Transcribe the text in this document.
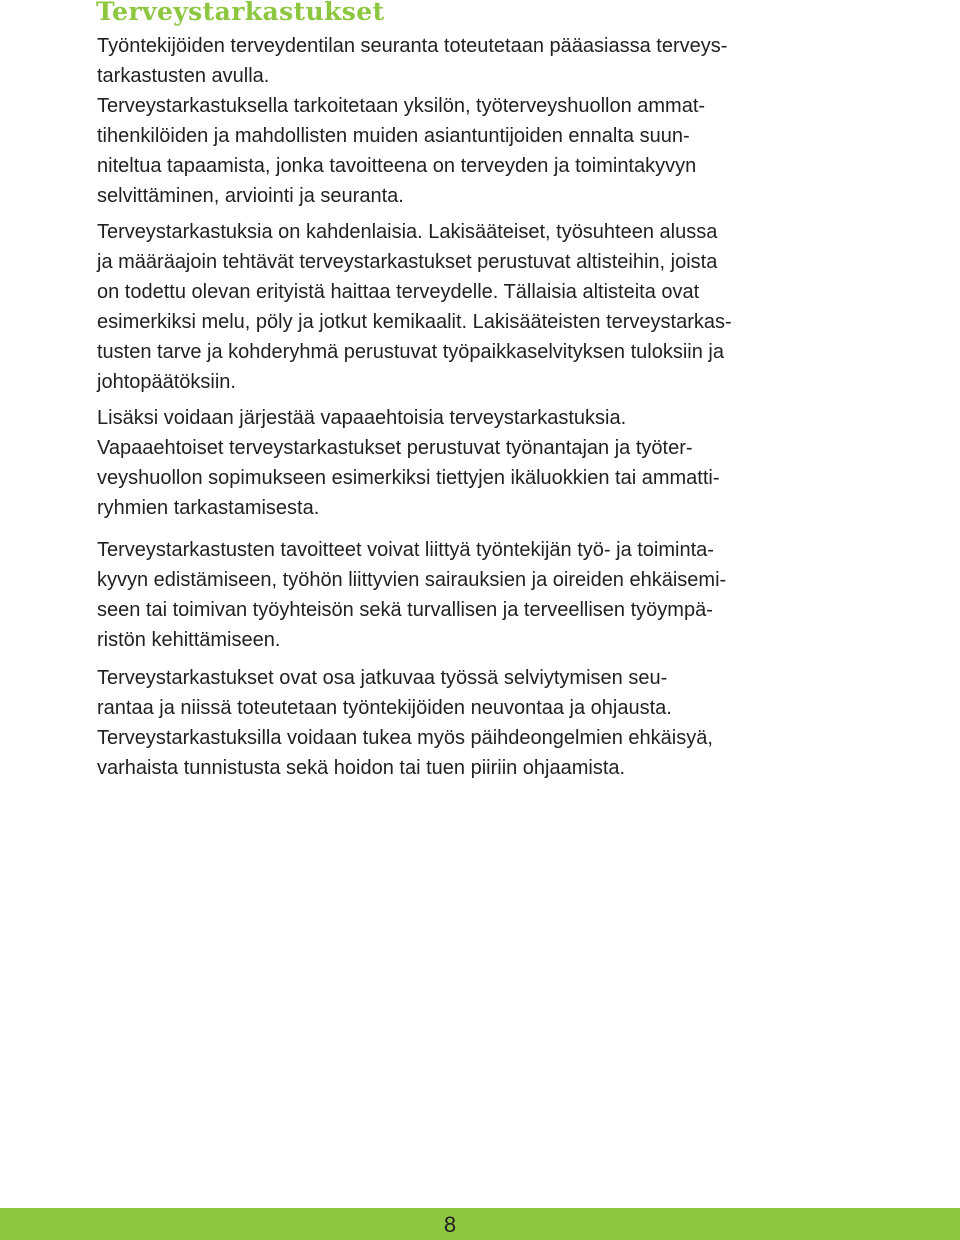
Terveystarkastukset

Työntekijöiden terveydentilan seuranta toteutetaan pääasiassa terveys-
tarkastusten avulla.

Terveystarkastuksella tarkoitetaan yksilön, työterveyshuollon ammat-
tihenkilöiden ja mahdollisten muiden asiantuntijoiden ennalta suun-
niteltua tapaamista, jonka tavoitteena on terveyden ja toimintakyvyn
selvittäminen, arviointi ja seuranta.

Terveystarkastuksia on kahdenlaisia. Lakisääteiset, työsuhteen alussa
ja määräajoin tehtävät terveystarkastukset perustuvat altisteihin, joista
on todettu olevan erityistä haittaa terveydelle. Tällaisia altisteita ovat
esimerkiksi melu, pöly ja jotkut kemikaalit. Lakisääteisten terveystarkas-
tusten tarve ja kohderyhmä perustuvat työpaikkaselvityksen tuloksiin ja
johtopäätöksiin.

Lisäksi voidaan järjestää vapaaehtoisia terveystarkastuksia.
Vapaaehtoiset terveystarkastukset perustuvat työnantajan ja työter-
veyshuollon sopimukseen esimerkiksi tiettyjen ikäluokkien tai ammatti-
ryhmien tarkastamisesta.

Terveystarkastusten tavoitteet voivat liittyä työntekijän työ- ja toiminta-
kyvyn edistämiseen, työhön liittyvien sairauksien ja oireiden ehkäisemi-
seen tai toimivan työyhteisön sekä turvallisen ja terveellisen työympä-
ristön kehittämiseen.

Terveystarkastukset ovat osa jatkuvaa työssä selviytymisen seu-
rantaa ja niissä toteutetaan työntekijöiden neuvontaa ja ohjausta.
Terveystarkastuksilla voidaan tukea myös päihdeongelmien ehkäisyä,
varhaista tunnistusta sekä hoidon tai tuen piiriin ohjaamista.

8
